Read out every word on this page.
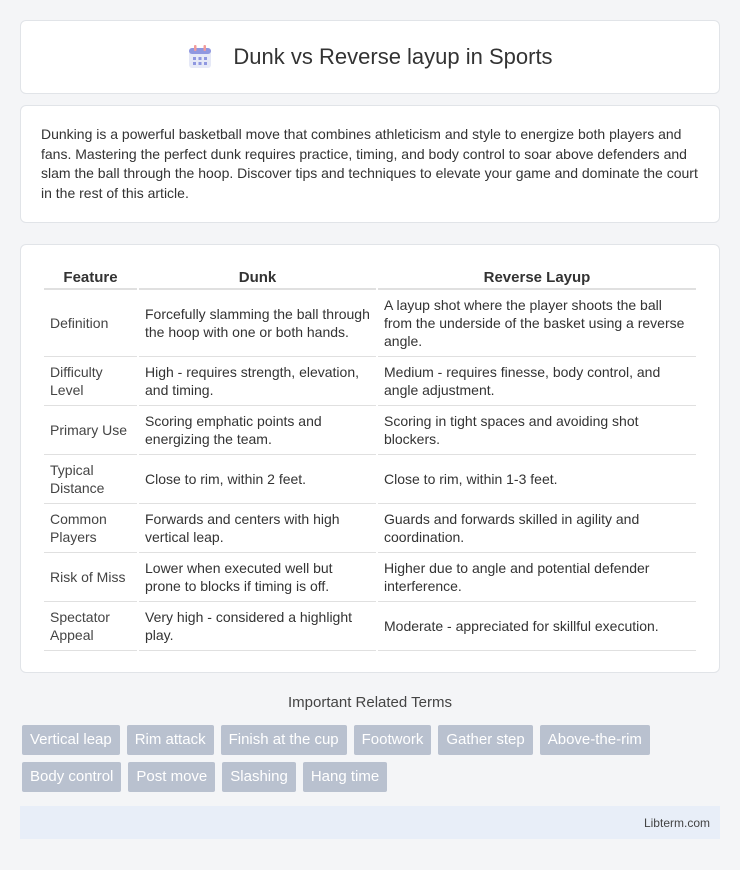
Dunk vs Reverse layup in Sports

Dunking is a powerful basketball move that combines athleticism and style to energize both players and fans. Mastering the perfect dunk requires practice, timing, and body control to soar above defenders and slam the ball through the hoop. Discover tips and techniques to elevate your game and dominate the court in the rest of this article.

Feature	Dunk	Reverse Layup
Definition	Forcefully slamming the ball through the hoop with one or both hands.	A layup shot where the player shoots the ball from the underside of the basket using a reverse angle.
Difficulty Level	High - requires strength, elevation, and timing.	Medium - requires finesse, body control, and angle adjustment.
Primary Use	Scoring emphatic points and energizing the team.	Scoring in tight spaces and avoiding shot blockers.
Typical Distance	Close to rim, within 2 feet.	Close to rim, within 1-3 feet.
Common Players	Forwards and centers with high vertical leap.	Guards and forwards skilled in agility and coordination.
Risk of Miss	Lower when executed well but prone to blocks if timing is off.	Higher due to angle and potential defender interference.
Spectator Appeal	Very high - considered a highlight play.	Moderate - appreciated for skillful execution.
Important Related Terms
Vertical leap	Rim attack	Finish at the cup	Footwork	Gather step	Above-the-rim
Body control	Post move	Slashing	Hang time
Libterm.com
